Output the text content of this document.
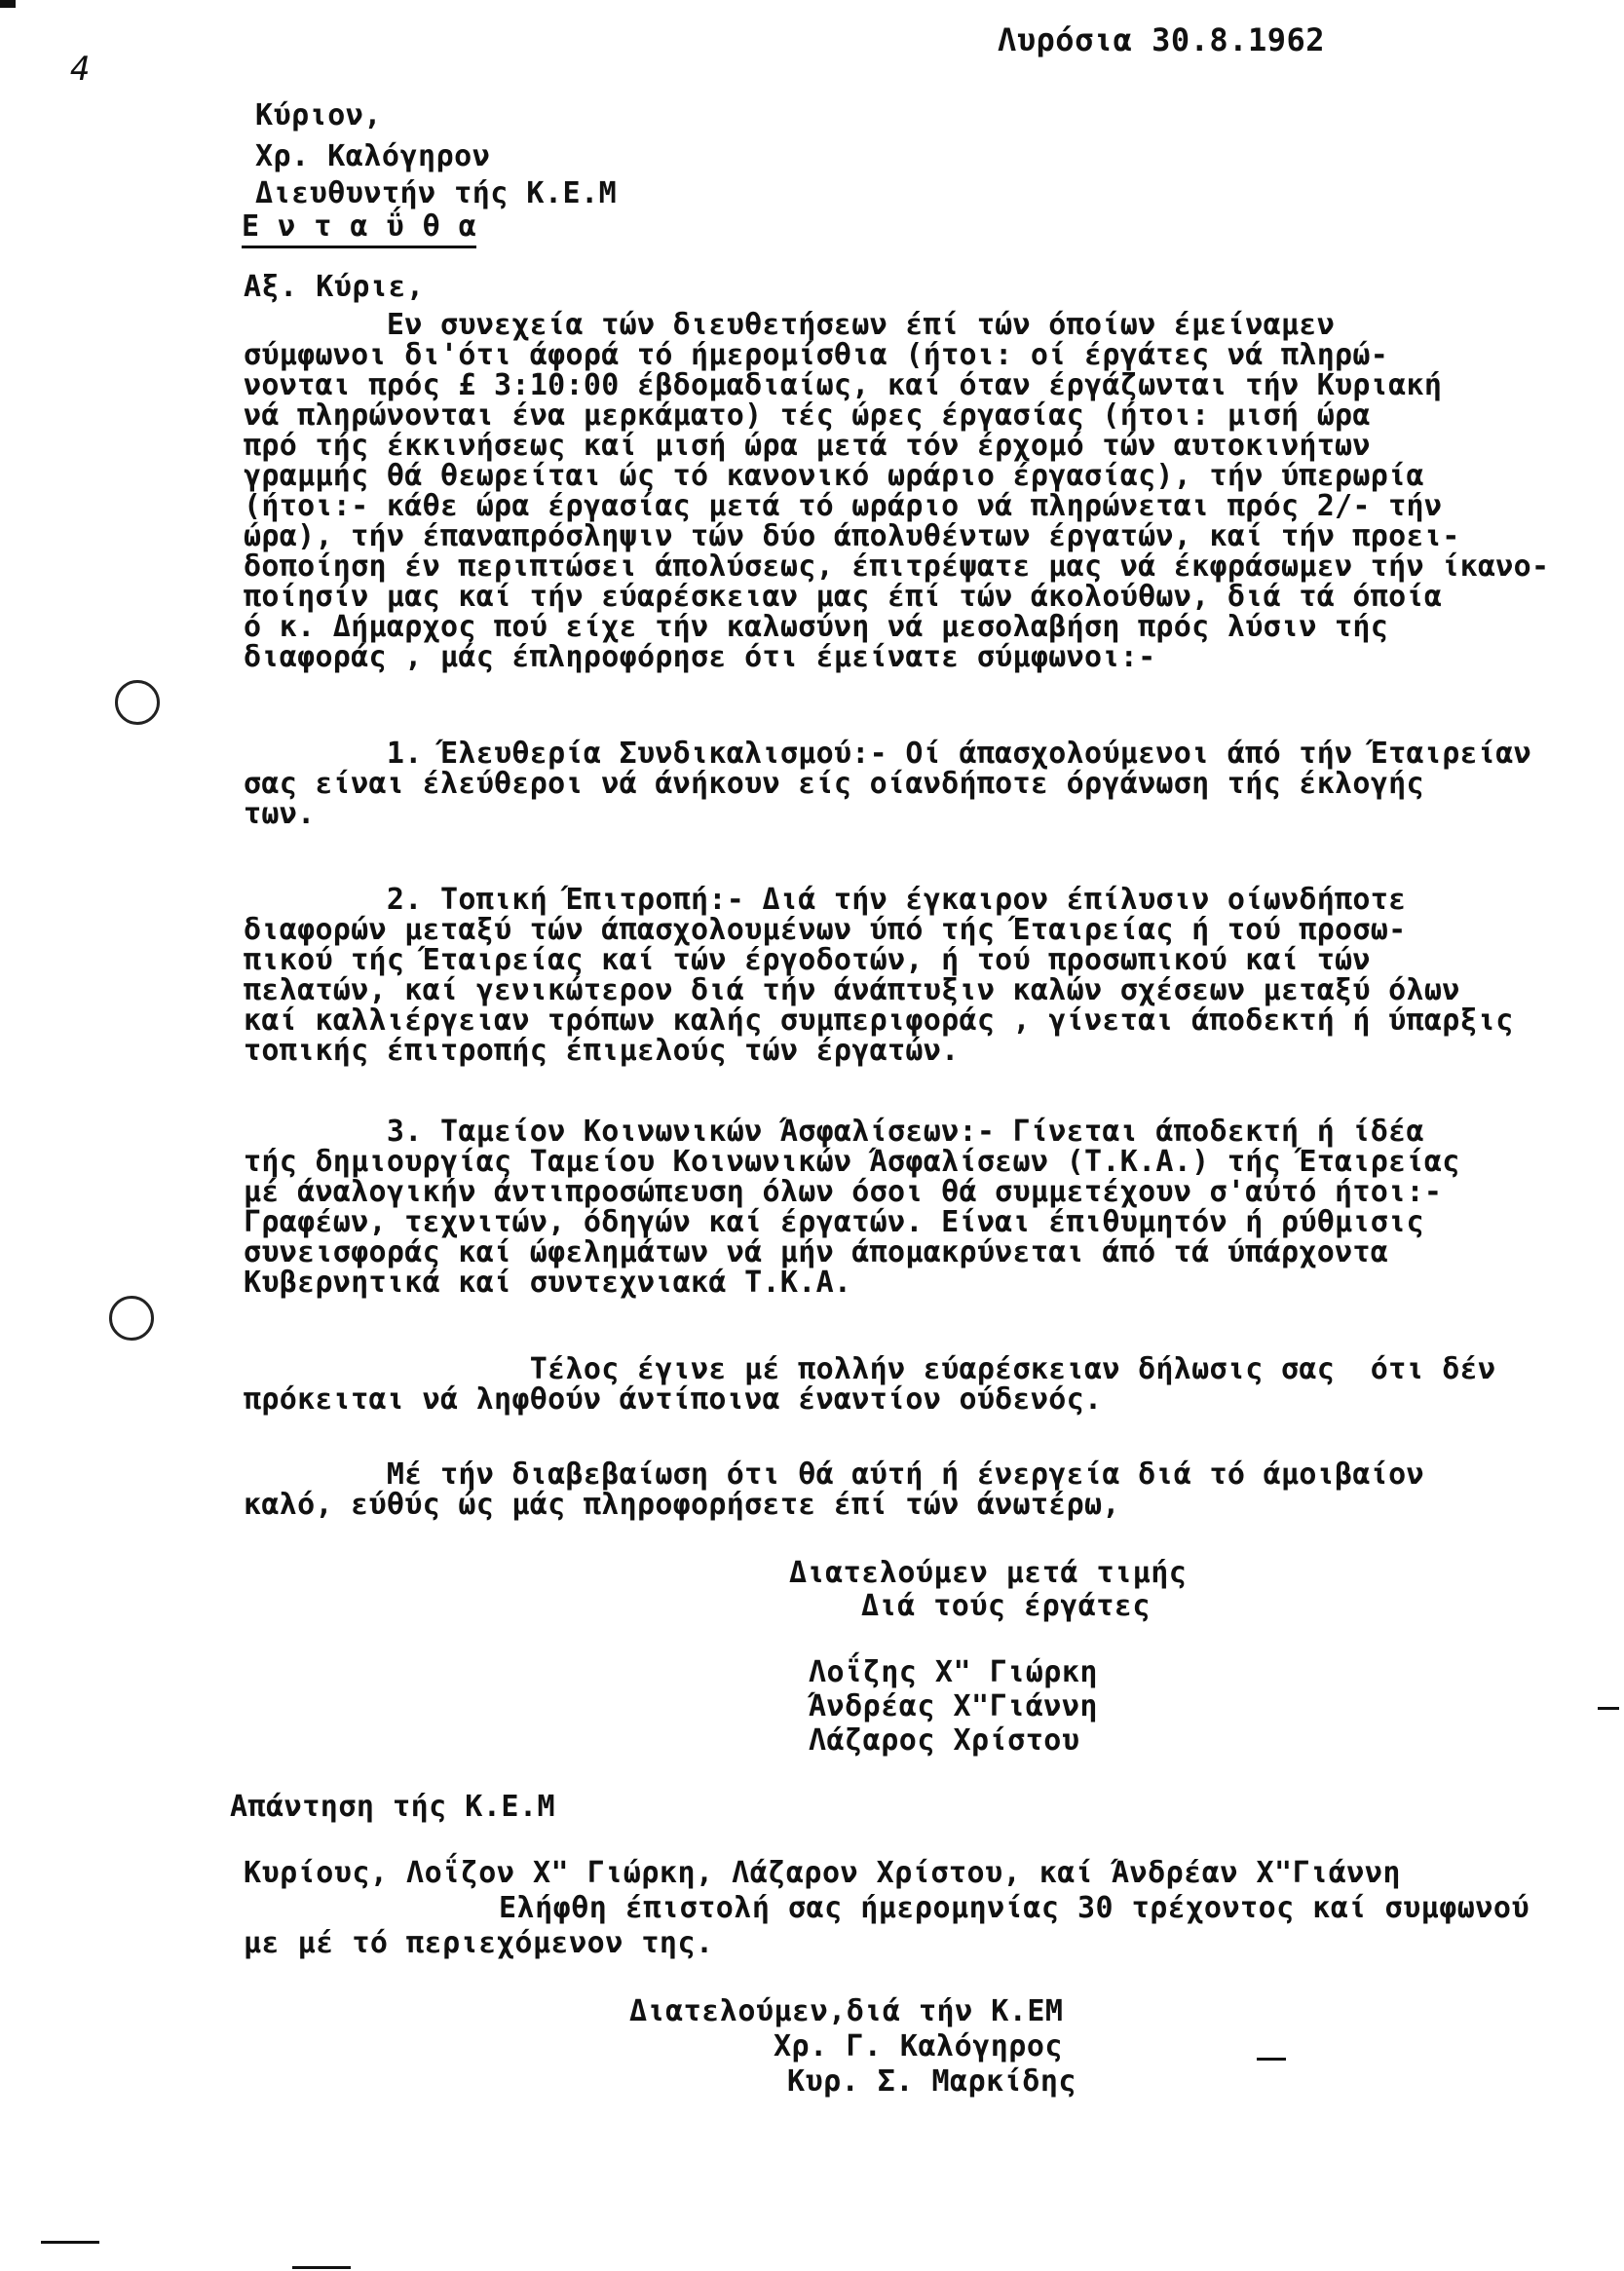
4
Λυρόσια 30.8.1962
Κύριον,
Χρ. Καλόγηρον
Διευθυντήν τής Κ.Ε.Μ
Ε ν τ α ΰ θ α
Αξ. Κύριε,
Εν συνεχεία τών διευθετήσεων έπί τών όποίων έμείναμεν
σύμφωνοι δι'ότι άφορά τό ήμερομίσθια (ήτοι: οί έργάτες νά πληρώ-
νονται πρός £ 3:10:00 έβδομαδιαίως, καί όταν έργάζωνται τήν Κυριακή
νά πληρώνονται ένα μερκάματο) τές ώρες έργασίας (ήτοι: μισή ώρα
πρό τής έκκινήσεως καί μισή ώρα μετά τόν έρχομό τών αυτοκινήτων
γραμμής θά θεωρείται ώς τό κανονικό ωράριο έργασίας), τήν ύπερωρία
(ήτοι:- κάθε ώρα έργασίας μετά τό ωράριο νά πληρώνεται πρός 2/- τήν
ώρα), τήν έπαναπρόσληψιν τών δύο άπολυθέντων έργατών, καί τήν προει-
δοποίηση έν περιπτώσει άπολύσεως, έπιτρέψατε μας νά έκφράσωμεν τήν ίκανο-
ποίησίν μας καί τήν εύαρέσκειαν μας έπί τών άκολούθων, διά τά όποία
ό κ. Δήμαρχος πού είχε τήν καλωσύνη νά μεσολαβήση πρός λύσιν τής
διαφοράς , μάς έπληροφόρησε ότι έμείνατε σύμφωνοι:-
1. Έλευθερία Συνδικαλισμού:- Οί άπασχολούμενοι άπό τήν Έταιρείαν
σας είναι έλεύθεροι νά άνήκουν είς οίανδήποτε όργάνωση τής έκλογής
των.
2. Τοπική Έπιτροπή:- Διά τήν έγκαιρον έπίλυσιν οίωνδήποτε
διαφορών μεταξύ τών άπασχολουμένων ύπό τής Έταιρείας ή τού προσω-
πικού τής Έταιρείας καί τών έργοδοτών, ή τού προσωπικού καί τών
πελατών, καί γενικώτερον διά τήν άνάπτυξιν καλών σχέσεων μεταξύ όλων
καί καλλιέργειαν τρόπων καλής συμπεριφοράς , γίνεται άποδεκτή ή ύπαρξις
τοπικής έπιτροπής έπιμελούς τών έργατών.
3. Ταμείον Κοινωνικών Άσφαλίσεων:- Γίνεται άποδεκτή ή ίδέα
τής δημιουργίας Ταμείου Κοινωνικών Άσφαλίσεων (Τ.Κ.Α.) τής Έταιρείας
μέ άναλογικήν άντιπροσώπευση όλων όσοι θά συμμετέχουν σ'αύτό ήτοι:-
Γραφέων, τεχνιτών, όδηγών καί έργατών. Είναι έπιθυμητόν ή ρύθμισις
συνεισφοράς καί ώφελημάτων νά μήν άπομακρύνεται άπό τά ύπάρχοντα
Κυβερνητικά καί συντεχνιακά Τ.Κ.Α.
Τέλος έγινε μέ πολλήν εύαρέσκειαν δήλωσις σας  ότι δέν
πρόκειται νά ληφθούν άντίποινα έναντίον ούδενός.
Μέ τήν διαβεβαίωση ότι θά αύτή ή ένεργεία διά τό άμοιβαίον
καλό, εύθύς ώς μάς πληροφορήσετε έπί τών άνωτέρω,
Διατελούμεν μετά τιμής
Διά τούς έργάτες
Λοΐζης Χ" Γιώρκη
Άνδρέας Χ"Γιάννη
Λάζαρος Χρίστου
Απάντηση τής Κ.Ε.Μ
Κυρίους, Λοΐζον Χ" Γιώρκη, Λάζαρον Χρίστου, καί Άνδρέαν Χ"Γιάννη
Ελήφθη έπιστολή σας ήμερομηνίας 30 τρέχοντος καί συμφωνού
με μέ τό περιεχόμενον της.
Διατελούμεν,διά τήν Κ.ΕΜ
Χρ. Γ. Καλόγηρος
Κυρ. Σ. Μαρκίδης
